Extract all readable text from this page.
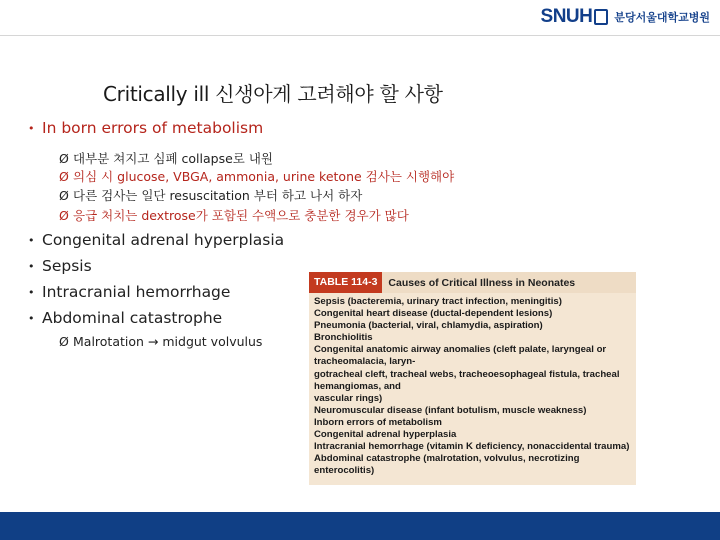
SNUH 분당서울대학교병원
Critically ill 신생아게 고려해야 할 사항
• In born errors of metabolism
Ø 대부분 쳐지고 심폐 collapse로 내원
Ø 의심 시 glucose, VBGA, ammonia, urine ketone 검사는 시행해야
Ø 다른 검사는 일단 resuscitation 부터 하고 나서 하자
Ø 응급 처치는 dextrose가 포함된 수액으로 충분한 경우가 많다
• Congenital adrenal hyperplasia
• Sepsis
• Intracranial hemorrhage
• Abdominal catastrophe
Ø Malrotation → midgut volvulus
TABLE 114-3	Causes of Critical Illness in Neonates
Sepsis (bacteremia, urinary tract infection, meningitis)
Congenital heart disease (ductal-dependent lesions)
Pneumonia (bacterial, viral, chlamydia, aspiration)
Bronchiolitis
Congenital anatomic airway anomalies (cleft palate, laryngeal or tracheomalacia, laryn-
gotracheal cleft, tracheal webs, tracheoesophageal fistula, tracheal hemangiomas, and
vascular rings)
Neuromuscular disease (infant botulism, muscle weakness)
Inborn errors of metabolism
Congenital adrenal hyperplasia
Intracranial hemorrhage (vitamin K deficiency, nonaccidental trauma)
Abdominal catastrophe (malrotation, volvulus, necrotizing enterocolitis)
